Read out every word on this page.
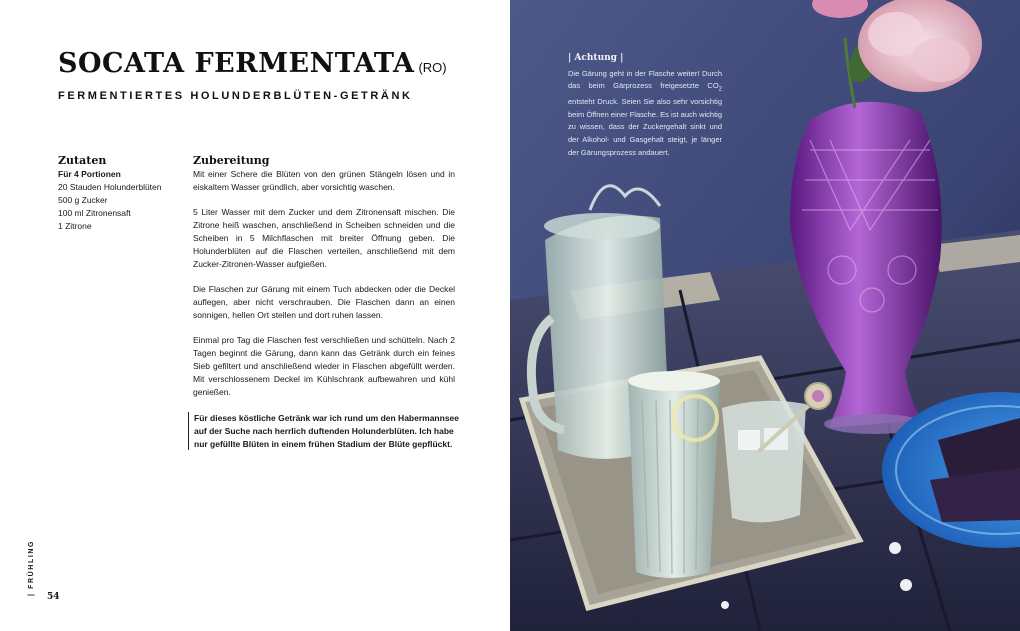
SOCATA FERMENTATA (RO)
FERMENTIERTES HOLUNDERBLÜTEN-GETRÄNK
Zutaten	Zubereitung
Für 4 Portionen
20 Stauden Holunderblüten
500 g Zucker
100 ml Zitronensaft
1 Zitrone

Mit einer Schere die Blüten von den grünen Stängeln lösen und in eiskaltem Wasser gründlich, aber vorsichtig waschen.

5 Liter Wasser mit dem Zucker und dem Zitronensaft mischen. Die Zitrone heiß waschen, anschließend in Scheiben schneiden und die Scheiben in 5 Milchflaschen mit breiter Öffnung geben. Die Holunderblüten auf die Flaschen verteilen, anschließend mit dem Zucker-Zitronen-Wasser aufgießen.

Die Flaschen zur Gärung mit einem Tuch abdecken oder die Deckel auflegen, aber nicht verschrauben. Die Flaschen dann an einen sonnigen, hellen Ort stellen und dort ruhen lassen.

Einmal pro Tag die Flaschen fest verschließen und schütteln. Nach 2 Tagen beginnt die Gärung, dann kann das Getränk durch ein feines Sieb gefiltert und anschließend wieder in Flaschen abgefüllt werden. Mit verschlossenem Deckel im Kühlschrank aufbewahren und kühl genießen.

Für dieses köstliche Getränk war ich rund um den Habermannsee auf der Suche nach herrlich duftenden Holunderblüten. Ich habe nur gefüllte Blüten in einem frühen Stadium der Blüte gepflückt.
| FRÜHLING
54
| Achtung |
Die Gärung geht in der Flasche weiter! Durch das beim Gärprozess freigesetzte $CO_2$ entsteht Druck. Seien Sie also sehr vorsichtig beim Öffnen einer Flasche. Es ist auch wichtig zu wissen, dass der Zuckergehalt sinkt und der Alkohol- und Gasgehalt steigt, je länger der Gärungsprozess andauert.
